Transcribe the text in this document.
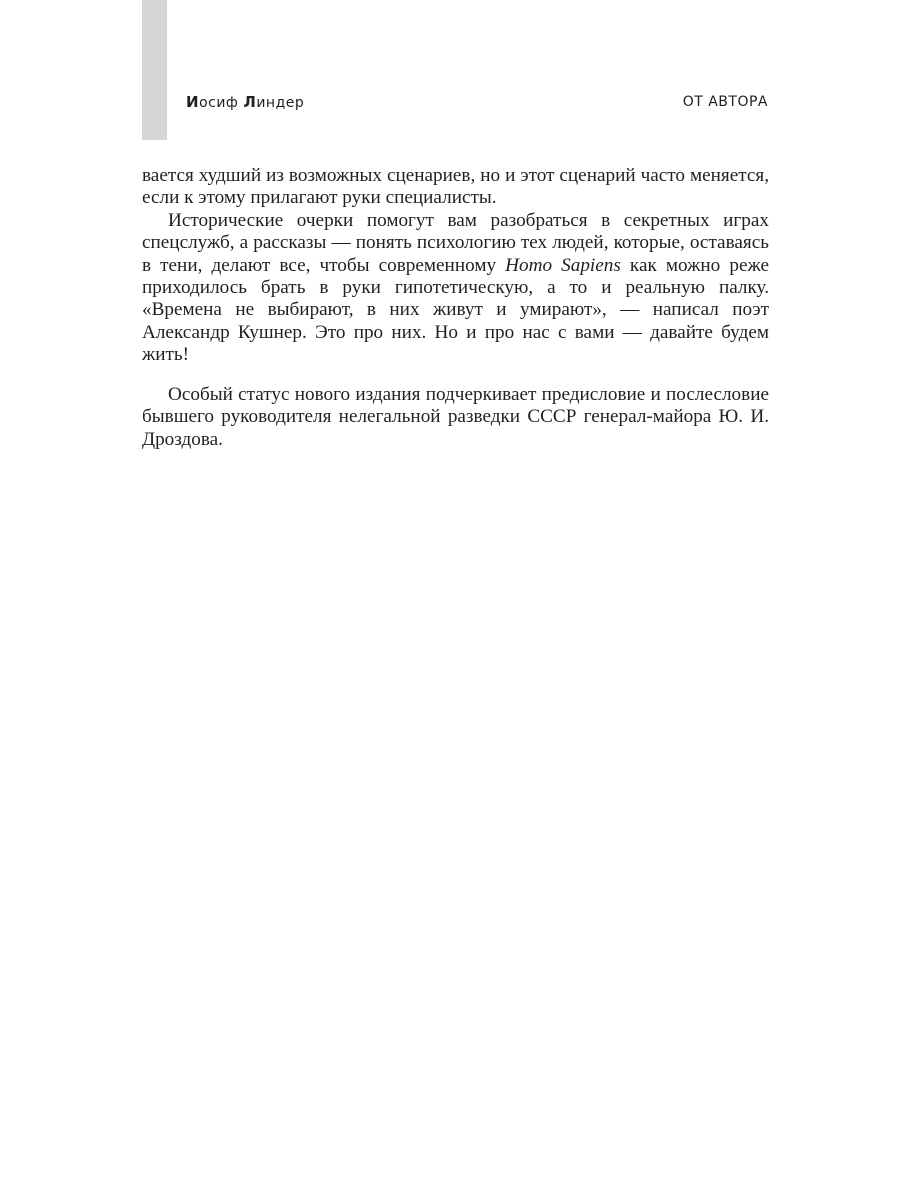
Иосиф Линдер	ОТ АВТОРА

вается худший из возможных сценариев, но и этот сценарий часто меняется, если к этому прилагают руки специалисты.

Исторические очерки помогут вам разобраться в секретных играх спецслужб, а рассказы — понять психологию тех людей, которые, оставаясь в тени, делают все, чтобы современному Homo Sapiens как можно реже приходилось брать в руки гипотетическую, а то и реальную палку. «Времена не выбирают, в них живут и умирают», — написал поэт Александр Кушнер. Это про них. Но и про нас с вами — давайте будем жить!

Особый статус нового издания подчеркивает предисловие и послесловие бывшего руководителя нелегальной разведки СССР генерал-майора Ю. И. Дроздова.
